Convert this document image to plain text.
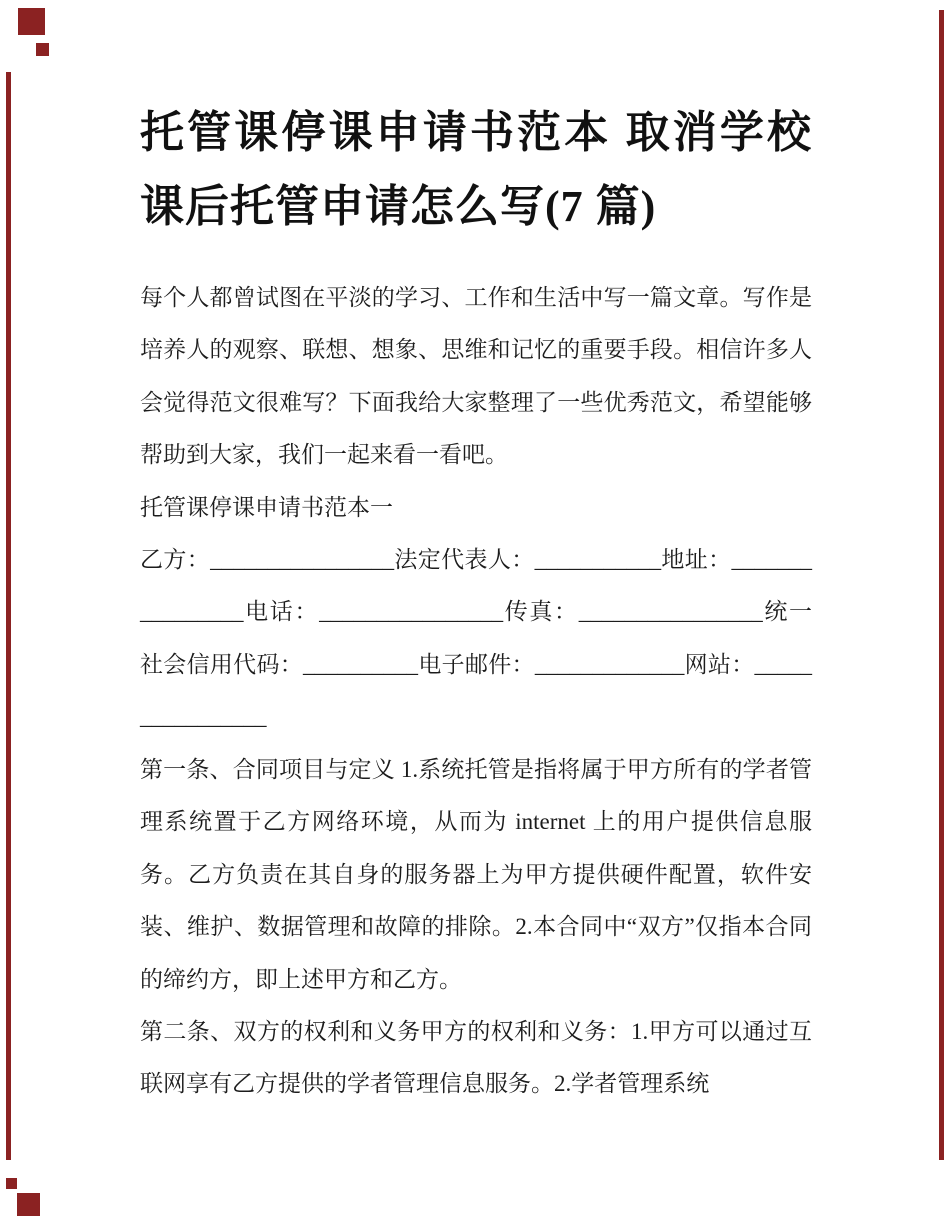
托管课停课申请书范本 取消学校课后托管申请怎么写(7 篇)

每个人都曾试图在平淡的学习、工作和生活中写一篇文章。写作是培养人的观察、联想、想象、思维和记忆的重要手段。相信许多人会觉得范文很难写？下面我给大家整理了一些优秀范文，希望能够帮助到大家，我们一起来看一看吧。

托管课停课申请书范本一

乙方：________________法定代表人：___________地址：________________电话：________________传真：________________统一社会信用代码：__________电子邮件：_____________网站：________________

第一条、合同项目与定义 1.系统托管是指将属于甲方所有的学者管理系统置于乙方网络环境，从而为 internet 上的用户提供信息服务。乙方负责在其自身的服务器上为甲方提供硬件配置，软件安装、维护、数据管理和故障的排除。2.本合同中“双方”仅指本合同的缔约方，即上述甲方和乙方。

第二条、双方的权利和义务甲方的权利和义务：1.甲方可以通过互联网享有乙方提供的学者管理信息服务。2.学者管理系统
